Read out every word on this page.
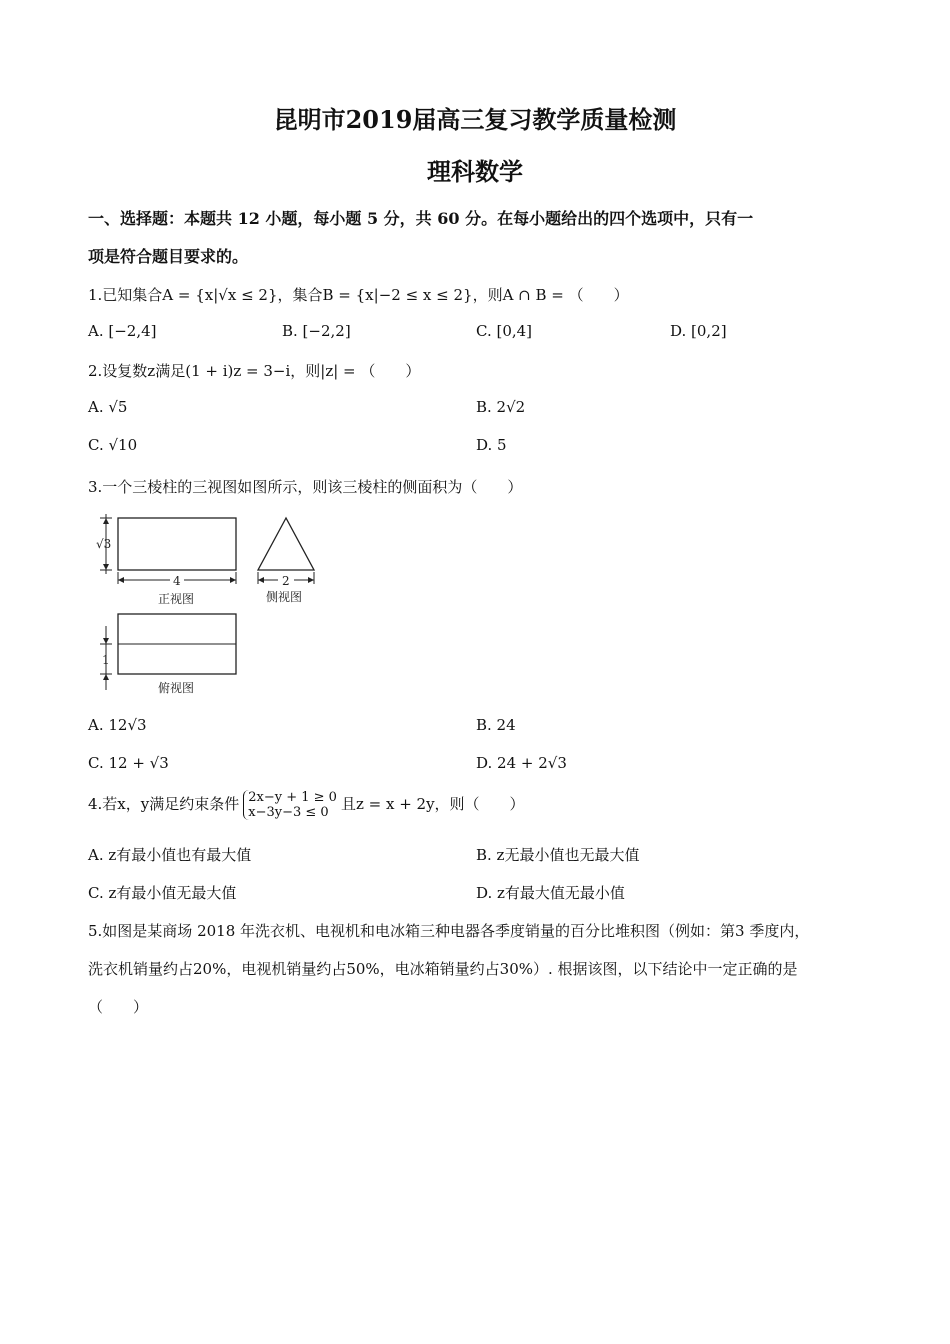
昆明市2019届高三复习教学质量检测
理科数学
一、选择题：本题共 12 小题，每小题 5 分，共 60 分。在每小题给出的四个选项中，只有一
项是符合题目要求的。
1.已知集合A = {x|√x ≤ 2}，集合B = {x|−2 ≤ x ≤ 2}，则A ∩ B = （　　）
A. [−2,4]	B. [−2,2]	C. [0,4]	D. [0,2]
2.设复数z满足(1 + i)z = 3−i，则|z| = （　　）
A. √5	B. 2√2
C. √10	D. 5
3.一个三棱柱的三视图如图所示，则该三棱柱的侧面积为（　　）
√3
4
正视图
2
侧视图
1
俯视图
A. 12√3	B. 24
C. 12 + √3	D. 24 + 2√3
4.若x，y满足约束条件 2x−y + 1 ≥ 0
x−3y−3 ≤ 0 且z = x + 2y，则（　　）
A. z有最小值也有最大值	B. z无最小值也无最大值
C. z有最小值无最大值	D. z有最大值无最小值
5.如图是某商场 2018 年洗衣机、电视机和电冰箱三种电器各季度销量的百分比堆积图（例如：第3 季度内，
洗衣机销量约占20%，电视机销量约占50%，电冰箱销量约占30%）. 根据该图，以下结论中一定正确的是
（　　）
